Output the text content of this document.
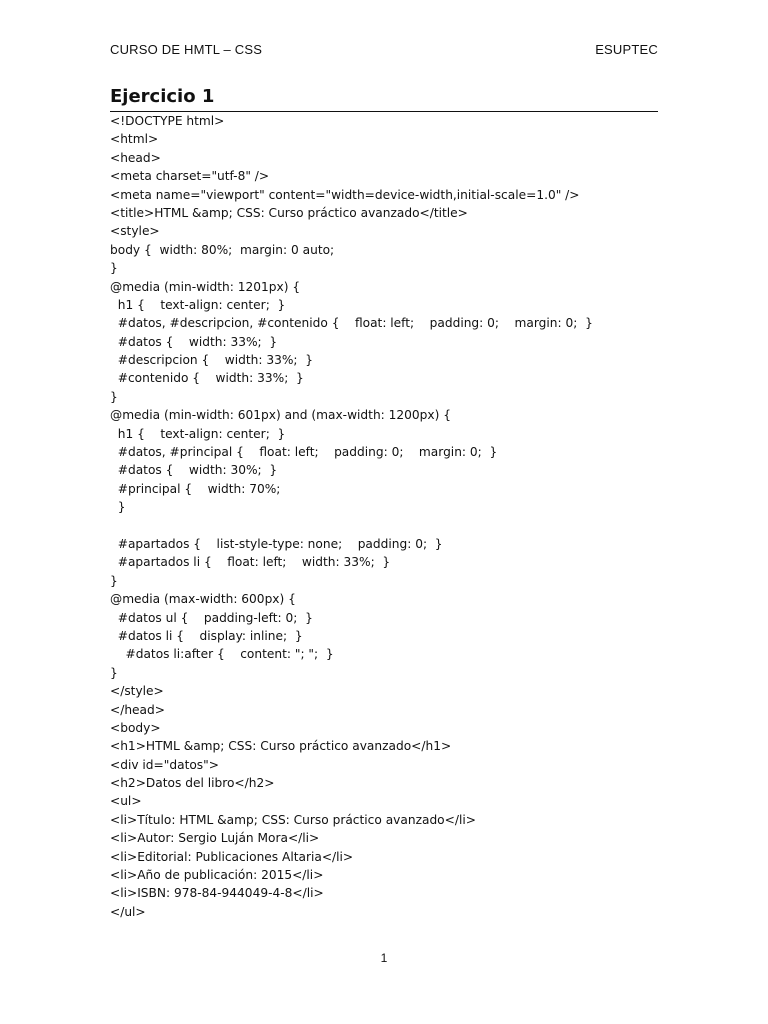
CURSO DE HMTL – CSS	ESUPTEC
Ejercicio 1
<!DOCTYPE html>
<html>
<head>
<meta charset="utf-8" />
<meta name="viewport" content="width=device-width,initial-scale=1.0" />
<title>HTML &amp; CSS: Curso práctico avanzado</title>
<style>
body {  width: 80%;  margin: 0 auto;
}
@media (min-width: 1201px) {
h1 {    text-align: center;  }
#datos, #descripcion, #contenido {    float: left;    padding: 0;    margin: 0;  }
#datos {    width: 33%;  }
#descripcion {    width: 33%;  }
#contenido {    width: 33%;  }
}
@media (min-width: 601px) and (max-width: 1200px) {
h1 {    text-align: center;  }
#datos, #principal {    float: left;    padding: 0;    margin: 0;  }
#datos {    width: 30%;  }
#principal {    width: 70%;
}
#apartados {    list-style-type: none;    padding: 0;  }
#apartados li {    float: left;    width: 33%;  }
}
@media (max-width: 600px) {
#datos ul {    padding-left: 0;  }
#datos li {    display: inline;  }
#datos li:after {    content: "; ";  }
}
</style>
</head>
<body>
<h1>HTML &amp; CSS: Curso práctico avanzado</h1>
<div id="datos">
<h2>Datos del libro</h2>
<ul>
<li>Título: HTML &amp; CSS: Curso práctico avanzado</li>
<li>Autor: Sergio Luján Mora</li>
<li>Editorial: Publicaciones Altaria</li>
<li>Año de publicación: 2015</li>
<li>ISBN: 978-84-944049-4-8</li>
</ul>
1
